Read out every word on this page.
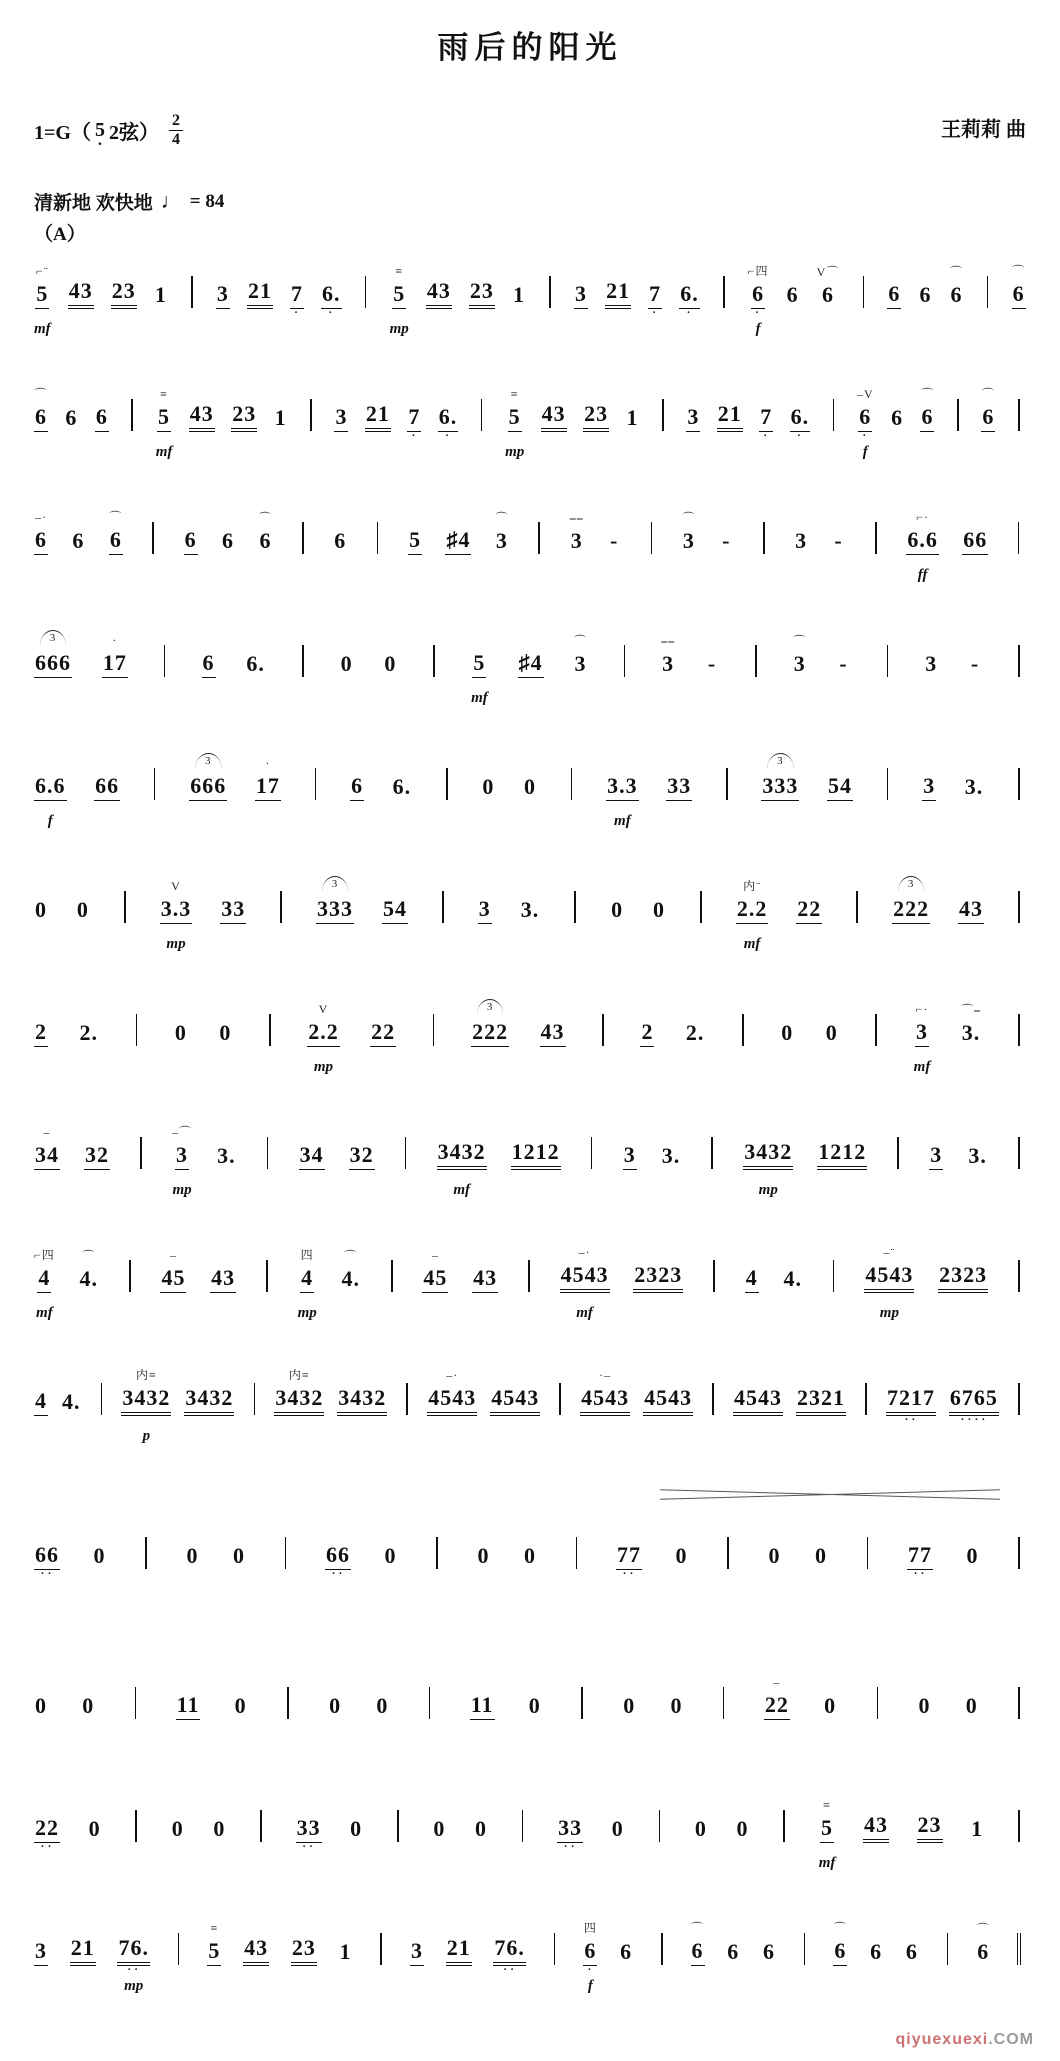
雨后的阳光
1=G（ 5 · 2弦） $\frac{2}{4}$	王莉莉 曲
清新地 欢快地 ♩ = 84
（A）
⌐¨
5
mf
43 23 1 3 21 7
·
6.
·
≡
5
mp
43 23 1 3 21 7
·
6.
·
⌐四
6
·
f
6
V⌒
6 6 6
⌒
6
⌒
6
⌒
6 6 6
≡
5
mf
43 23 1 3 21 7
·
6.
·
≡
5
mp
43 23 1 3 21 7
·
6.
·
–V
6
·
f
6
⌒
6
⌒
6
–·
6 6
⌒
6	6 6
⌒
6	6	5 ♯4
⌒
3
⎯⎯
3 -
⌒
3 -	3 -
⌐·
6.6
ff
66
3
666
·
17	6 6.	0 0	5
mf
♯4
⌒
3
⎯⎯
3 -
⌒
3 -	3 -
6.6
f
66
3
666
·
17	6 6.	0 0	3.3
mf
33
3
333 54	3 3.
0 0
V
3.3
mp
33
3
333 54	3 3.	0 0
内¨
2.2
mf
22
3
222 43
2 2.	0 0
V
2.2
mp
22
3
222 43	2 2.	0 0
⌐·
3
mf
⌒⎯
3.
–
34 32
–⌒
3
mp
3.	34 32	3432
mf
1212	3 3.	3432
mp
1212	3 3.
⌐四
4
mf
⌒
4.
–
45 43
四
4
mp
⌒
4.
–
45 43
–·
4543
mf
2323	4 4.
–¨
4543
mp
2323
4 4.
内≡
3432
p
3432
内≡
3432 3432
–·
4543 4543
·–
4543 4543 4543 2321 7217
··
6765
····
66
··
0	0 0	66
··
0	0 0	77
··
0	0 0	77
··
0
0 0	11 0	0 0	11 0	0 0
–
22 0	0 0
22
··
0	0 0	33
··
0	0 0	33
··
0	0 0
≡
5
mf
43 23 1
3 21 76.
··
mp
≡
5 43 23 1	3 21 76.
··
四
6
·
f
6
⌒
6 6 6
⌒
6 6 6
⌒
6
qiyuexuexi.COM
